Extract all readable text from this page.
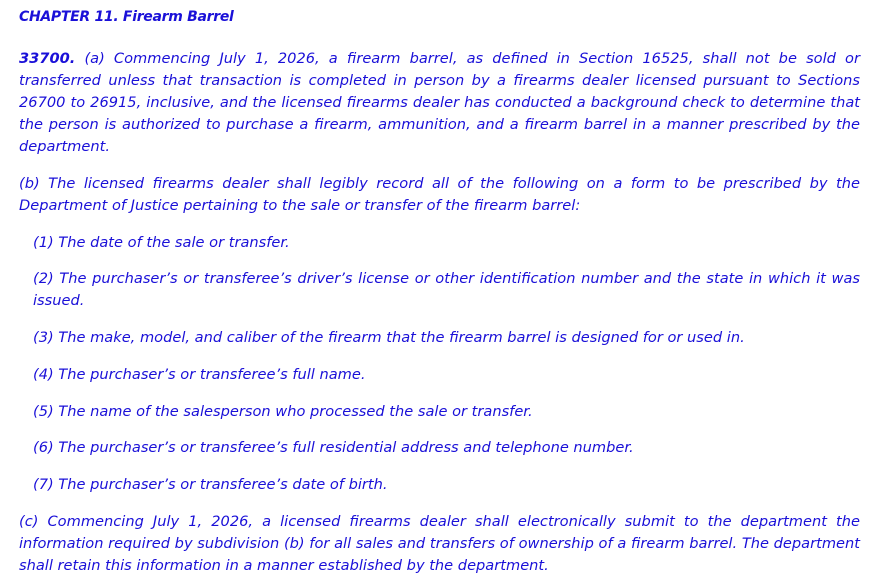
CHAPTER 11. Firearm Barrel

33700. (a) Commencing July 1, 2026, a firearm barrel, as defined in Section 16525, shall not be sold or transferred unless that transaction is completed in person by a firearms dealer licensed pursuant to Sections 26700 to 26915, inclusive, and the licensed firearms dealer has conducted a background check to determine that the person is authorized to purchase a firearm, ammunition, and a firearm barrel in a manner prescribed by the department.

(b) The licensed firearms dealer shall legibly record all of the following on a form to be prescribed by the Department of Justice pertaining to the sale or transfer of the firearm barrel:

(1) The date of the sale or transfer.

(2) The purchaser’s or transferee’s driver’s license or other identification number and the state in which it was issued.

(3) The make, model, and caliber of the firearm that the firearm barrel is designed for or used in.

(4) The purchaser’s or transferee’s full name.

(5) The name of the salesperson who processed the sale or transfer.

(6) The purchaser’s or transferee’s full residential address and telephone number.

(7) The purchaser’s or transferee’s date of birth.

(c) Commencing July 1, 2026, a licensed firearms dealer shall electronically submit to the department the information required by subdivision (b) for all sales and transfers of ownership of a firearm barrel. The department shall retain this information in a manner established by the department.
